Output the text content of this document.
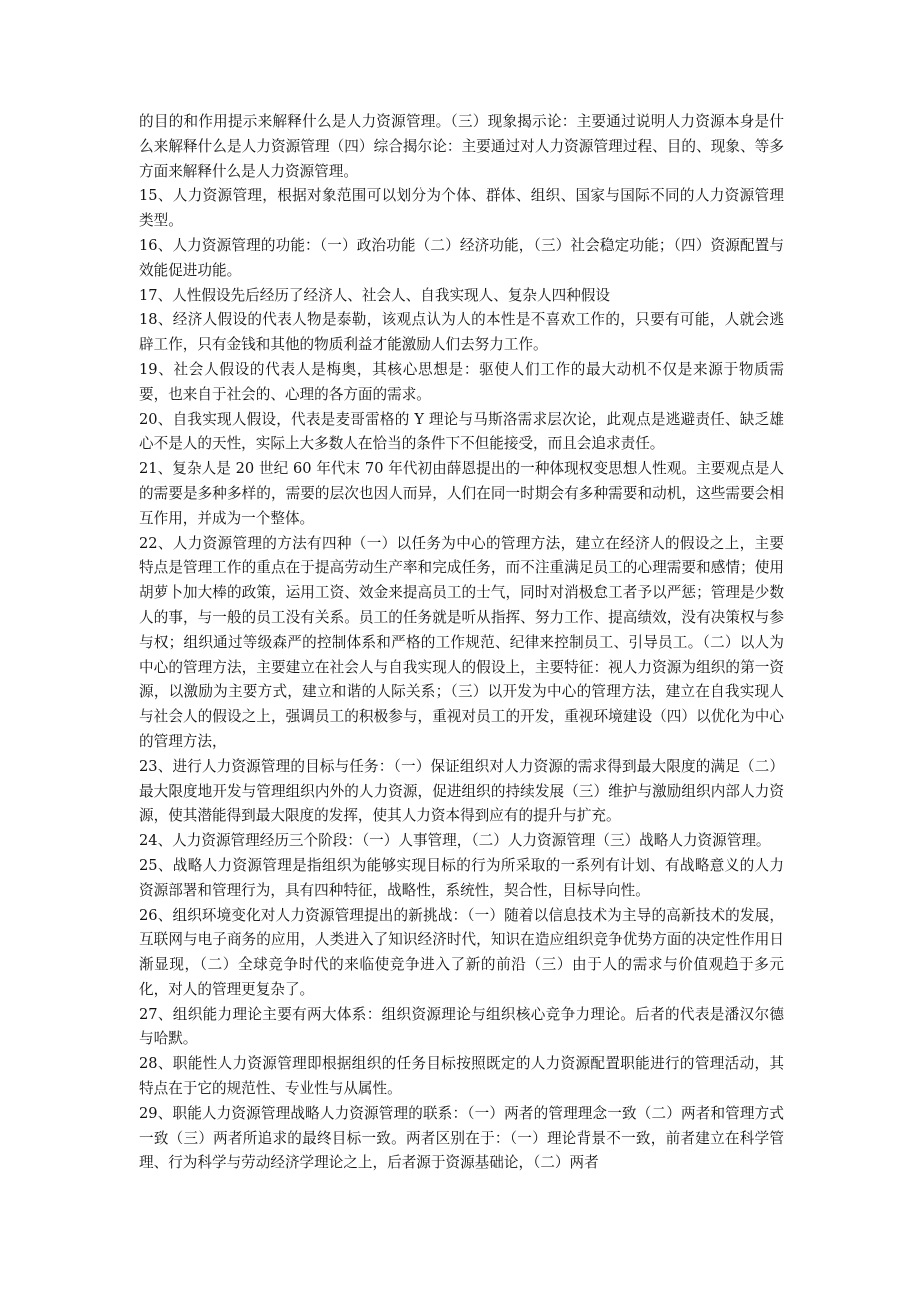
的目的和作用提示来解释什么是人力资源管理。（三）现象揭示论：主要通过说明人力资源本身是什么来解释什么是人力资源管理（四）综合揭尔论：主要通过对人力资源管理过程、目的、现象、等多方面来解释什么是人力资源管理。

15、人力资源管理，根据对象范围可以划分为个体、群体、组织、国家与国际不同的人力资源管理类型。

16、人力资源管理的功能：（一）政治功能（二）经济功能，（三）社会稳定功能；（四）资源配置与效能促进功能。

17、人性假设先后经历了经济人、社会人、自我实现人、复杂人四种假设

18、经济人假设的代表人物是泰勒，该观点认为人的本性是不喜欢工作的，只要有可能，人就会逃辟工作，只有金钱和其他的物质利益才能激励人们去努力工作。

19、社会人假设的代表人是梅奥，其核心思想是：驱使人们工作的最大动机不仅是来源于物质需要，也来自于社会的、心理的各方面的需求。

20、自我实现人假设，代表是麦哥雷格的 Y 理论与马斯洛需求层次论，此观点是逃避责任、缺乏雄心不是人的天性，实际上大多数人在恰当的条件下不但能接受，而且会追求责任。

21、复杂人是 20 世纪 60 年代末 70 年代初由薛恩提出的一种体现权变思想人性观。主要观点是人的需要是多种多样的，需要的层次也因人而异，人们在同一时期会有多种需要和动机，这些需要会相互作用，并成为一个整体。

22、人力资源管理的方法有四种（一）以任务为中心的管理方法，建立在经济人的假设之上，主要特点是管理工作的重点在于提高劳动生产率和完成任务，而不注重满足员工的心理需要和感情；使用胡萝卜加大棒的政策，运用工资、效金来提高员工的士气，同时对消极怠工者予以严惩；管理是少数人的事，与一般的员工没有关系。员工的任务就是听从指挥、努力工作、提高绩效，没有决策权与参与权；组织通过等级森严的控制体系和严格的工作规范、纪律来控制员工、引导员工。（二）以人为中心的管理方法，主要建立在社会人与自我实现人的假设上，主要特征：视人力资源为组织的第一资源，以激励为主要方式，建立和谐的人际关系；（三）以开发为中心的管理方法，建立在自我实现人与社会人的假设之上，强调员工的积极参与，重视对员工的开发，重视环境建设（四）以优化为中心的管理方法，

23、进行人力资源管理的目标与任务：（一）保证组织对人力资源的需求得到最大限度的满足（二）最大限度地开发与管理组织内外的人力资源，促进组织的持续发展（三）维护与激励组织内部人力资源，使其潜能得到最大限度的发挥，使其人力资本得到应有的提升与扩充。

24、人力资源管理经历三个阶段：（一）人事管理，（二）人力资源管理（三）战略人力资源管理。

25、战略人力资源管理是指组织为能够实现目标的行为所采取的一系列有计划、有战略意义的人力资源部署和管理行为，具有四种特征，战略性，系统性，契合性，目标导向性。

26、组织环境变化对人力资源管理提出的新挑战：（一）随着以信息技术为主导的高新技术的发展，互联网与电子商务的应用，人类进入了知识经济时代，知识在造应组织竞争优势方面的决定性作用日渐显现，（二）全球竞争时代的来临使竞争进入了新的前沿（三）由于人的需求与价值观趋于多元化，对人的管理更复杂了。

27、组织能力理论主要有两大体系：组织资源理论与组织核心竞争力理论。后者的代表是潘汉尔德与哈默。

28、职能性人力资源管理即根据组织的任务目标按照既定的人力资源配置职能进行的管理活动，其特点在于它的规范性、专业性与从属性。

29、职能人力资源管理战略人力资源管理的联系：（一）两者的管理理念一致（二）两者和管理方式一致（三）两者所追求的最终目标一致。两者区别在于：（一）理论背景不一致，前者建立在科学管理、行为科学与劳动经济学理论之上，后者源于资源基础论，（二）两者
